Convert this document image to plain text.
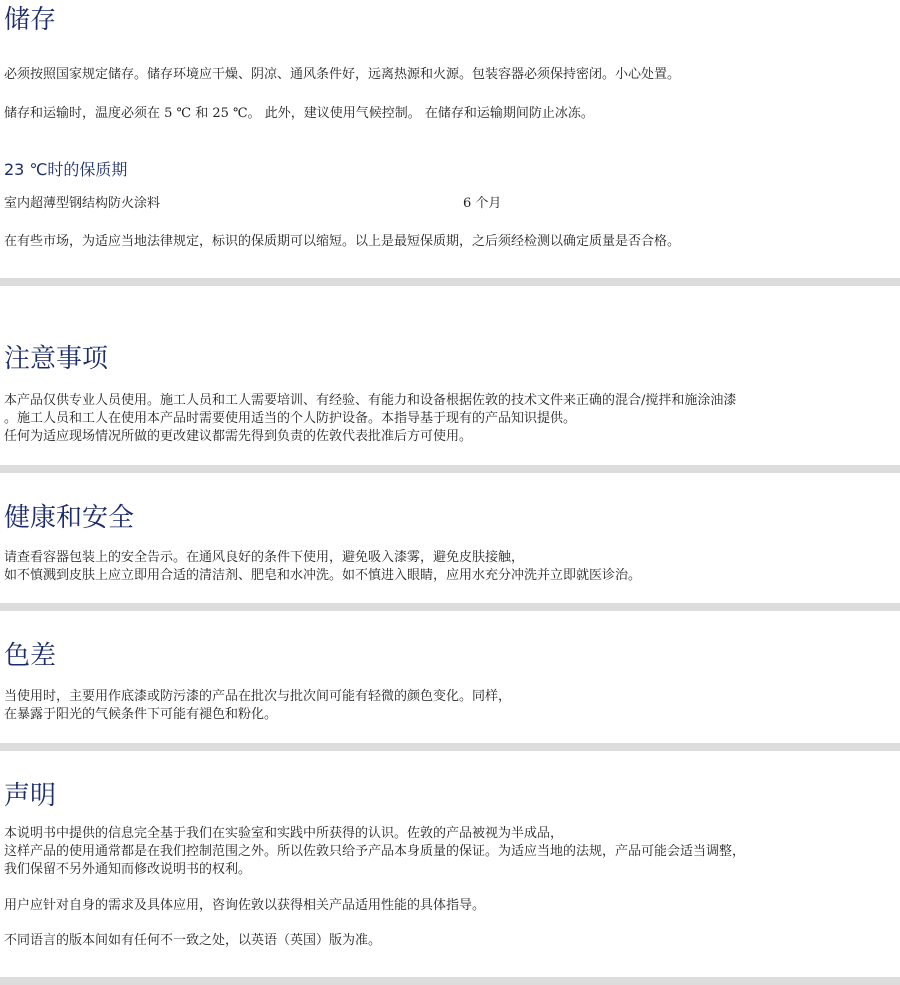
储存

必须按照国家规定储存。储存环境应干燥、阴凉、通风条件好，远离热源和火源。包装容器必须保持密闭。小心处置。

储存和运输时，温度必须在 5 ℃ 和 25 ℃。 此外，建议使用气候控制。 在储存和运输期间防止冰冻。

23 ℃时的保质期
室内超薄型钢结构防火涂料	6 个月

在有些市场，为适应当地法律规定，标识的保质期可以缩短。以上是最短保质期，之后须经检测以确定质量是否合格。

注意事项

本产品仅供专业人员使用。施工人员和工人需要培训、有经验、有能力和设备根据佐敦的技术文件来正确的混合/搅拌和施涂油漆

。施工人员和工人在使用本产品时需要使用适当的个人防护设备。本指导基于现有的产品知识提供。

任何为适应现场情况所做的更改建议都需先得到负责的佐敦代表批准后方可使用。

健康和安全

请查看容器包装上的安全告示。在通风良好的条件下使用，避免吸入漆雾，避免皮肤接触，

如不慎溅到皮肤上应立即用合适的清洁剂、肥皂和水冲洗。如不慎进入眼睛，应用水充分冲洗并立即就医诊治。

色差

当使用时，主要用作底漆或防污漆的产品在批次与批次间可能有轻微的颜色变化。同样，

在暴露于阳光的气候条件下可能有褪色和粉化。

声明

本说明书中提供的信息完全基于我们在实验室和实践中所获得的认识。佐敦的产品被视为半成品，

这样产品的使用通常都是在我们控制范围之外。所以佐敦只给予产品本身质量的保证。为适应当地的法规，产品可能会适当调整，

我们保留不另外通知而修改说明书的权利。

用户应针对自身的需求及具体应用，咨询佐敦以获得相关产品适用性能的具体指导。

不同语言的版本间如有任何不一致之处，以英语（英国）版为准。
